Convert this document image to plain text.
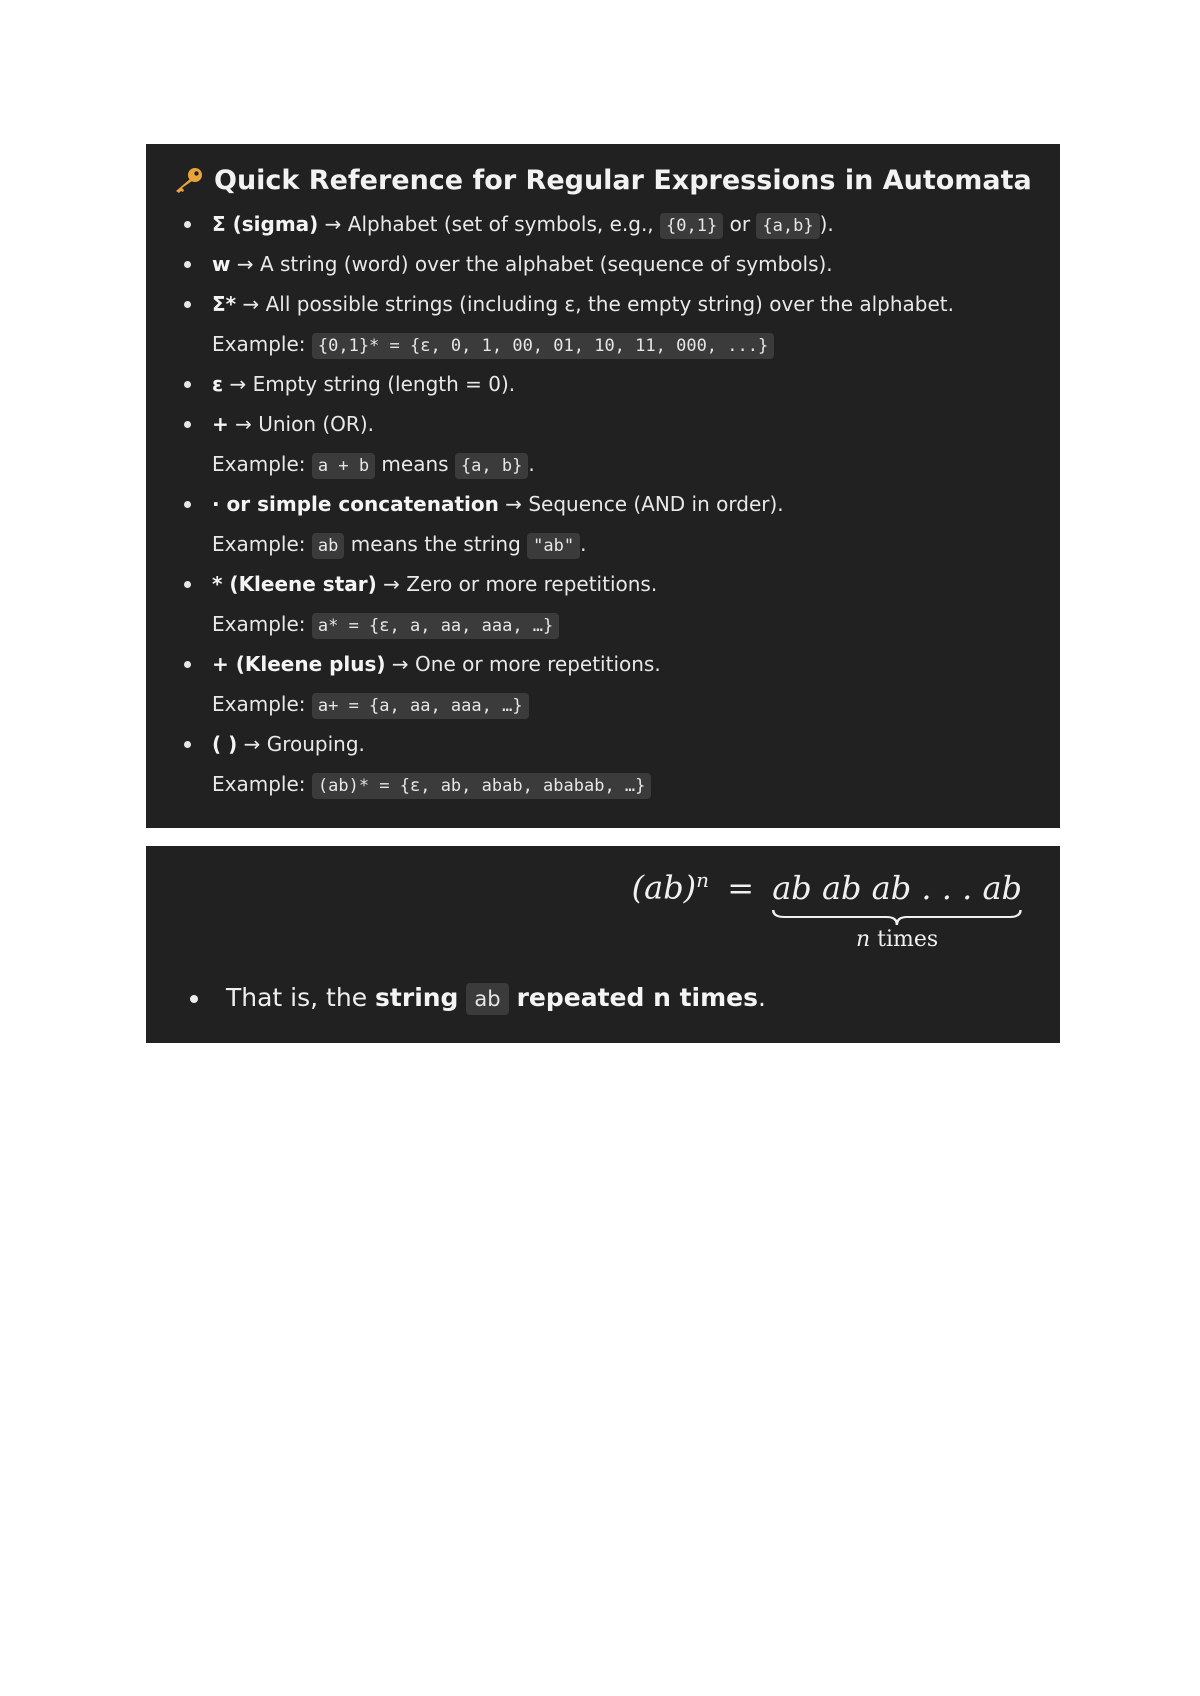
Quick Reference for Regular Expressions in Automata
Σ (sigma) → Alphabet (set of symbols, e.g., {0,1} or {a,b} ).
w → A string (word) over the alphabet (sequence of symbols).
Σ* → All possible strings (including ε, the empty string) over the alphabet.
Example: {0,1}* = {ε, 0, 1, 00, 01, 10, 11, 000, ...}
ε → Empty string (length = 0).
+ → Union (OR).
Example: a + b means {a, b} .
· or simple concatenation → Sequence (AND in order).
Example: ab means the string "ab" .
* (Kleene star) → Zero or more repetitions.
Example: a* = {ε, a, aa, aaa, …}
+ (Kleene plus) → One or more repetitions.
Example: a+ = {a, aa, aaa, …}
( ) → Grouping.
Example: (ab)* = {ε, ab, abab, ababab, …}
(ab)$^n$ = ab ab ab . . . ab
n times
That is, the string ab repeated n times.
